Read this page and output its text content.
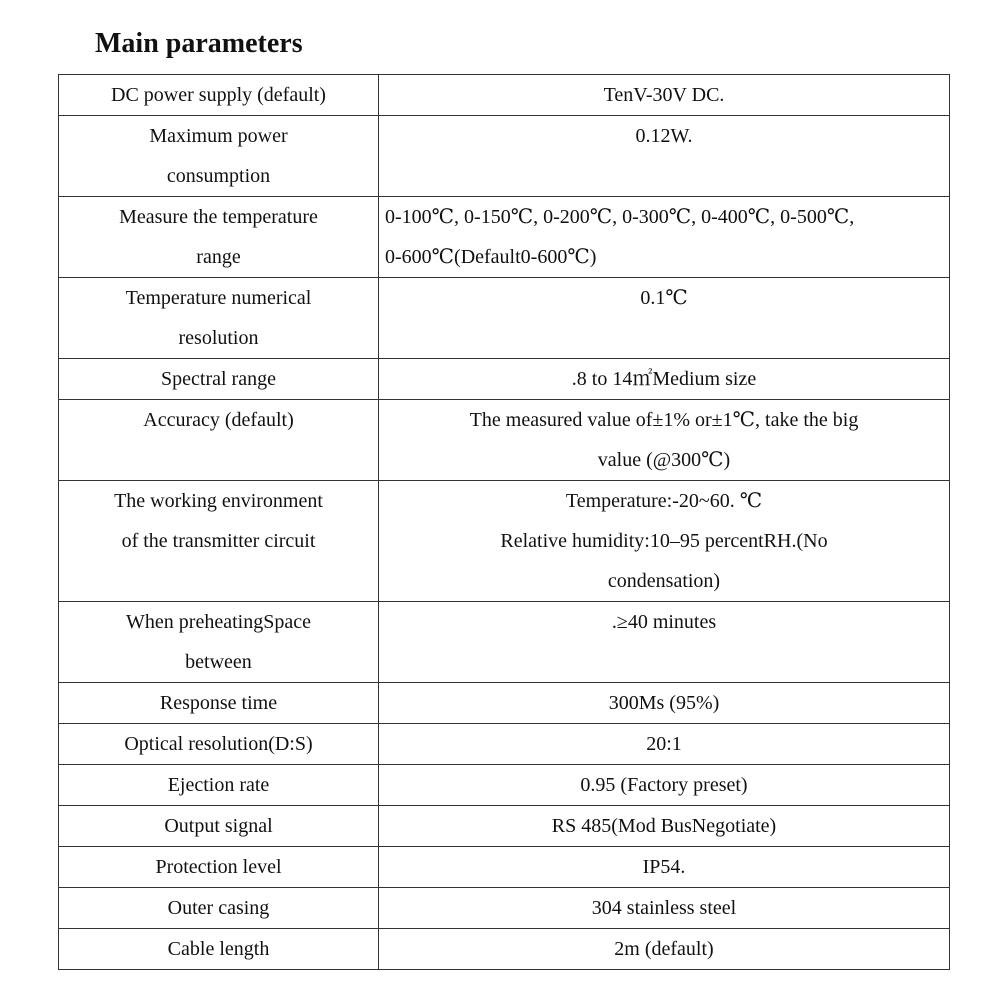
Main parameters
DC power supply (default)	TenV-30V DC.

Maximum power
consumption	0.12W.

Measure the temperature
range	0-100℃, 0-150℃, 0-200℃, 0-300℃, 0-400℃, 0-500℃,
0-600℃(Default0-600℃)

Temperature numerical
resolution	0.1℃

Spectral range	.8 to 14㎡Medium size

Accuracy (default)	The measured value of±1% or±1℃, take the big
value (@300℃)

The working environment
of the transmitter circuit	Temperature:-20~60. ℃
Relative humidity:10–95 percentRH.(No
condensation)

When preheatingSpace
between	.≥40 minutes

Response time	300Ms (95%)

Optical resolution(D:S)	20:1

Ejection rate	0.95 (Factory preset)

Output signal	RS 485(Mod BusNegotiate)

Protection level	IP54.

Outer casing	304 stainless steel

Cable length	2m (default)
